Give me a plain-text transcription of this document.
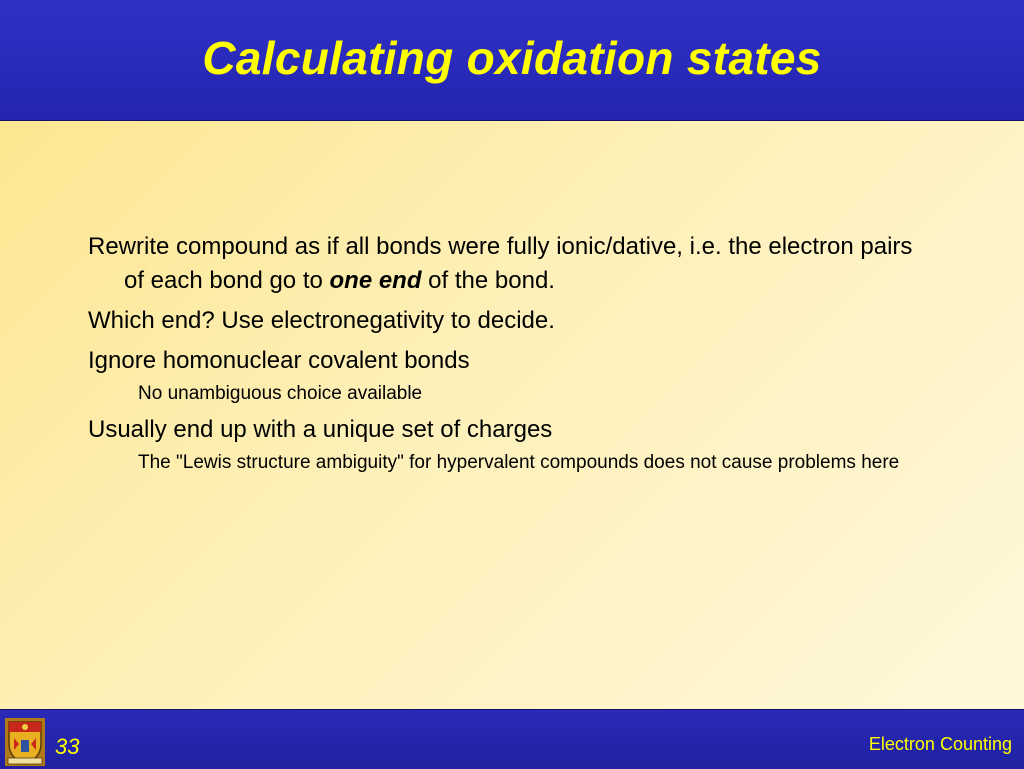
Calculating oxidation states
Rewrite compound as if all bonds were fully ionic/dative, i.e. the electron pairs of each bond go to one end of the bond.
Which end? Use electronegativity to decide.
Ignore homonuclear covalent bonds
No unambiguous choice available
Usually end up with a unique set of charges
The "Lewis structure ambiguity" for hypervalent compounds does not cause problems here
33	Electron Counting
